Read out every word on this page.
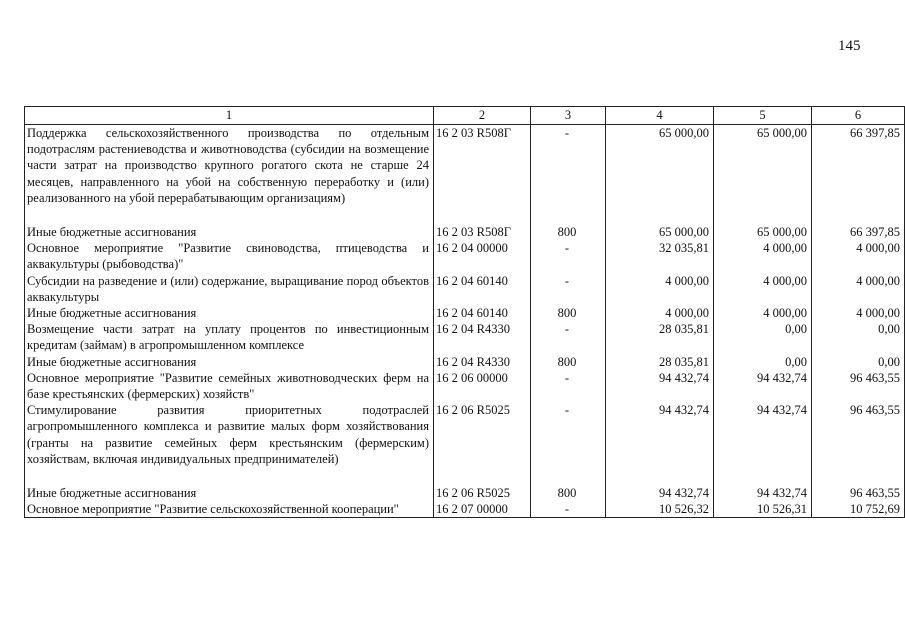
145
1	2	3	4	5	6
Поддержка сельскохозяйственного производства по отдельным подотраслям растениеводства и животноводства (субсидии на возмещение части затрат на производство крупного рогатого скота не старше 24 месяцев, направленного на убой на собственную переработку и (или) реализованного на убой перерабатывающим организациям)	16 2 03 R508Г	-	65 000,00	65 000,00	66 397,85

Иные бюджетные ассигнования	16 2 03 R508Г	800	65 000,00	65 000,00	66 397,85
Основное мероприятие "Развитие свиноводства, птицеводства и аквакультуры (рыбоводства)"	16 2 04 00000	-	32 035,81	4 000,00	4 000,00
Субсидии на разведение и (или) содержание, выращивание пород объектов аквакультуры	16 2 04 60140	-	4 000,00	4 000,00	4 000,00
Иные бюджетные ассигнования	16 2 04 60140	800	4 000,00	4 000,00	4 000,00
Возмещение части затрат на уплату процентов по инвестиционным кредитам (займам) в агропромышленном комплексе	16 2 04 R4330	-	28 035,81	0,00	0,00
Иные бюджетные ассигнования	16 2 04 R4330	800	28 035,81	0,00	0,00
Основное мероприятие "Развитие семейных животноводческих ферм на базе крестьянских (фермерских) хозяйств"	16 2 06 00000	-	94 432,74	94 432,74	96 463,55
Стимулирование развития приоритетных подотраслей агропромышленного комплекса и развитие малых форм хозяйствования (гранты на развитие семейных ферм крестьянским (фермерским) хозяйствам, включая индивидуальных предпринимателей)	16 2 06 R5025	-	94 432,74	94 432,74	96 463,55

Иные бюджетные ассигнования	16 2 06 R5025	800	94 432,74	94 432,74	96 463,55
Основное мероприятие "Развитие сельскохозяйственной кооперации"	16 2 07 00000	-	10 526,32	10 526,31	10 752,69
